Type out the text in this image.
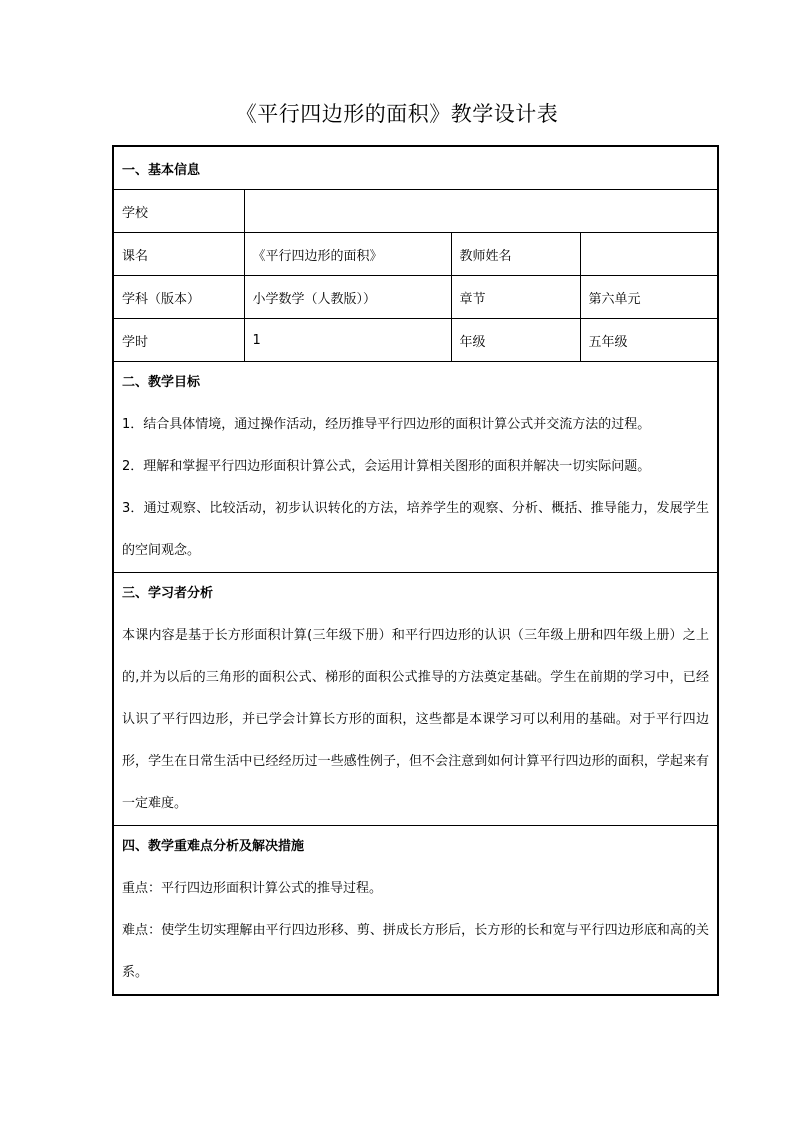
《平行四边形的面积》教学设计表
一、基本信息			
学校			
课名	《平行四边形的面积》	教师姓名	
学科（版本）	小学数学（人教版））	章节	第六单元
学时	1	年级	五年级

二、教学目标

1．结合具体情境，通过操作活动，经历推导平行四边形的面积计算公式并交流方法的过程。

2．理解和掌握平行四边形面积计算公式，会运用计算相关图形的面积并解决一切实际问题。

3．通过观察、比较活动，初步认识转化的方法，培养学生的观察、分析、概括、推导能力，发展学生的空间观念。			

三、学习者分析

本课内容是基于长方形面积计算(三年级下册）和平行四边形的认识（三年级上册和四年级上册）之上的,并为以后的三角形的面积公式、梯形的面积公式推导的方法奠定基础。学生在前期的学习中，已经认识了平行四边形，并已学会计算长方形的面积，这些都是本课学习可以利用的基础。对于平行四边形，学生在日常生活中已经经历过一些感性例子，但不会注意到如何计算平行四边形的面积，学起来有一定难度。			

四、教学重难点分析及解决措施

重点：平行四边形面积计算公式的推导过程。

难点：使学生切实理解由平行四边形移、剪、拼成长方形后，长方形的长和宽与平行四边形底和高的关系。			
